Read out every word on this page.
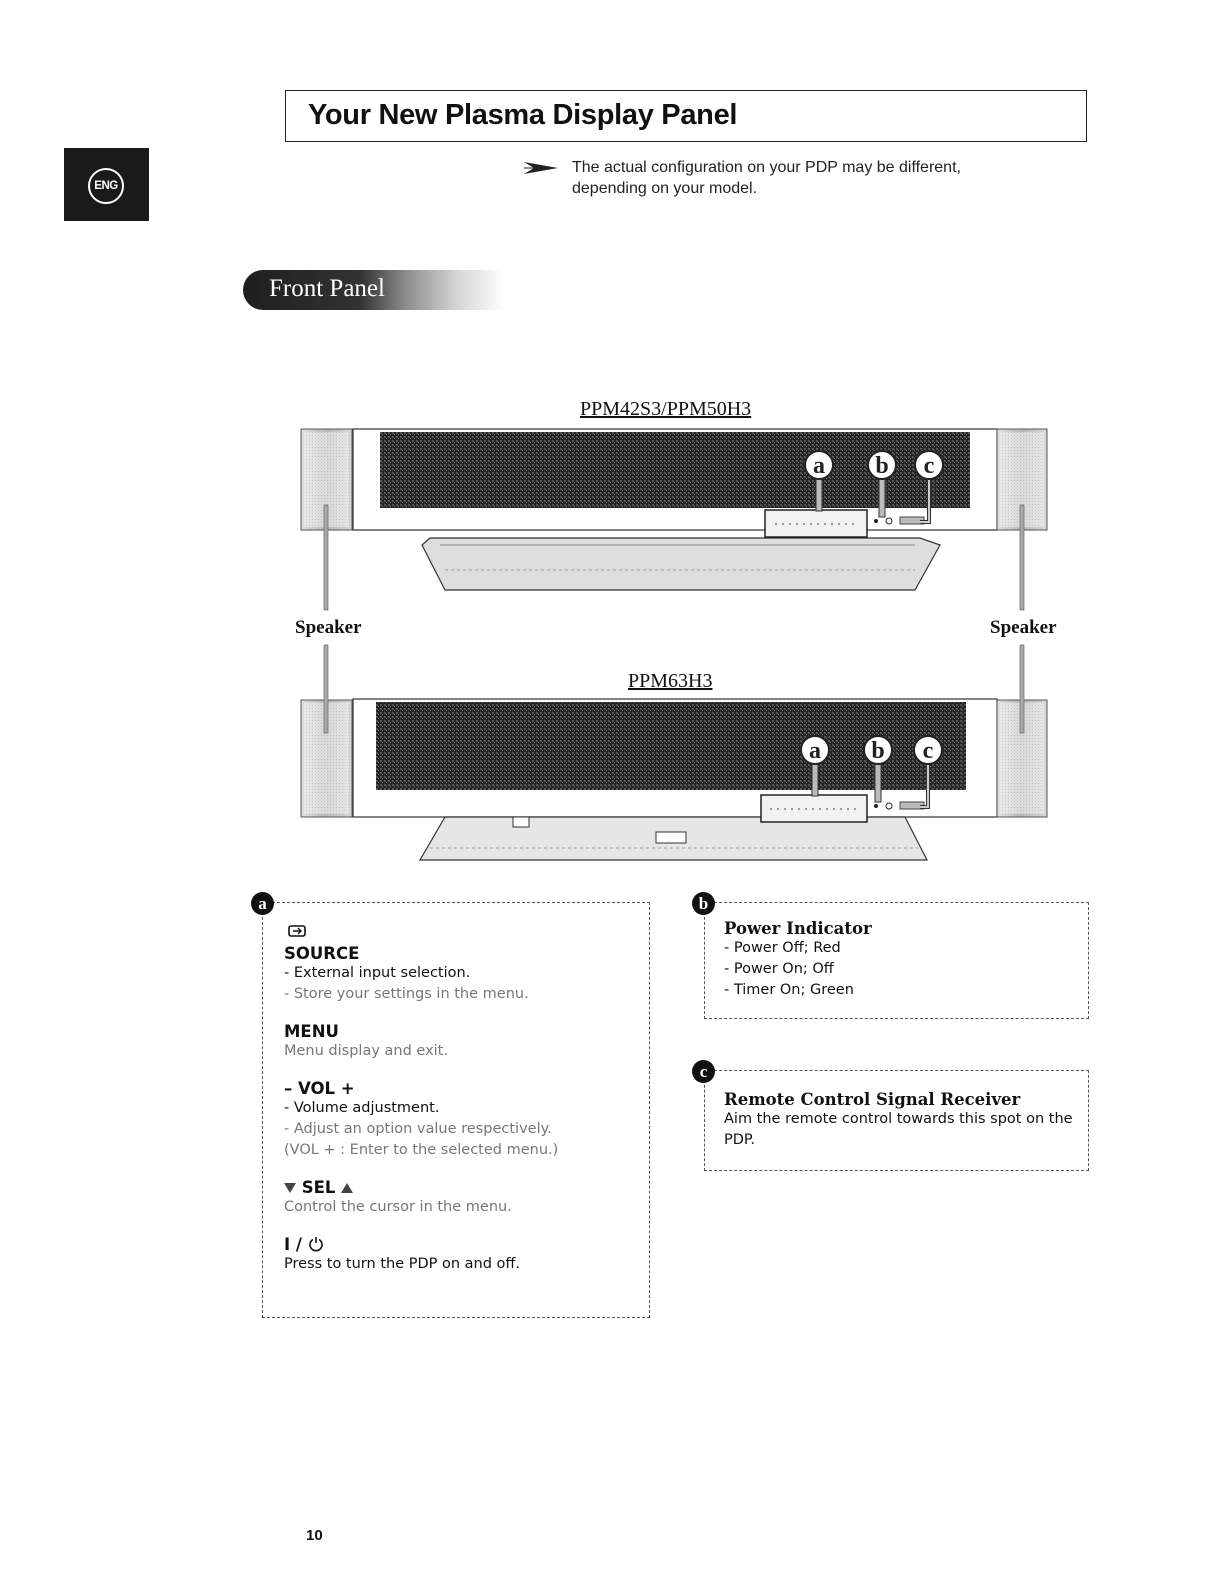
Your New Plasma Display Panel
ENG
The actual configuration on your PDP may be different,
depending on your model.
Front Panel
PPM42S3/PPM50H3
PPM63H3
Speaker	Speaker
a b c
a b c
a
SOURCE
- External input selection.
- Store your settings in the menu.
MENU
Menu display and exit.
– VOL +
- Volume adjustment.
- Adjust an option value respectively.
(VOL + : Enter to the selected menu.)
SEL
Control the cursor in the menu.
I /
Press to turn the PDP on and off.
b
Power Indicator
- Power Off; Red
- Power On; Off
- Timer On; Green
c
Remote Control Signal Receiver
Aim the remote control towards this spot on the PDP.
10
